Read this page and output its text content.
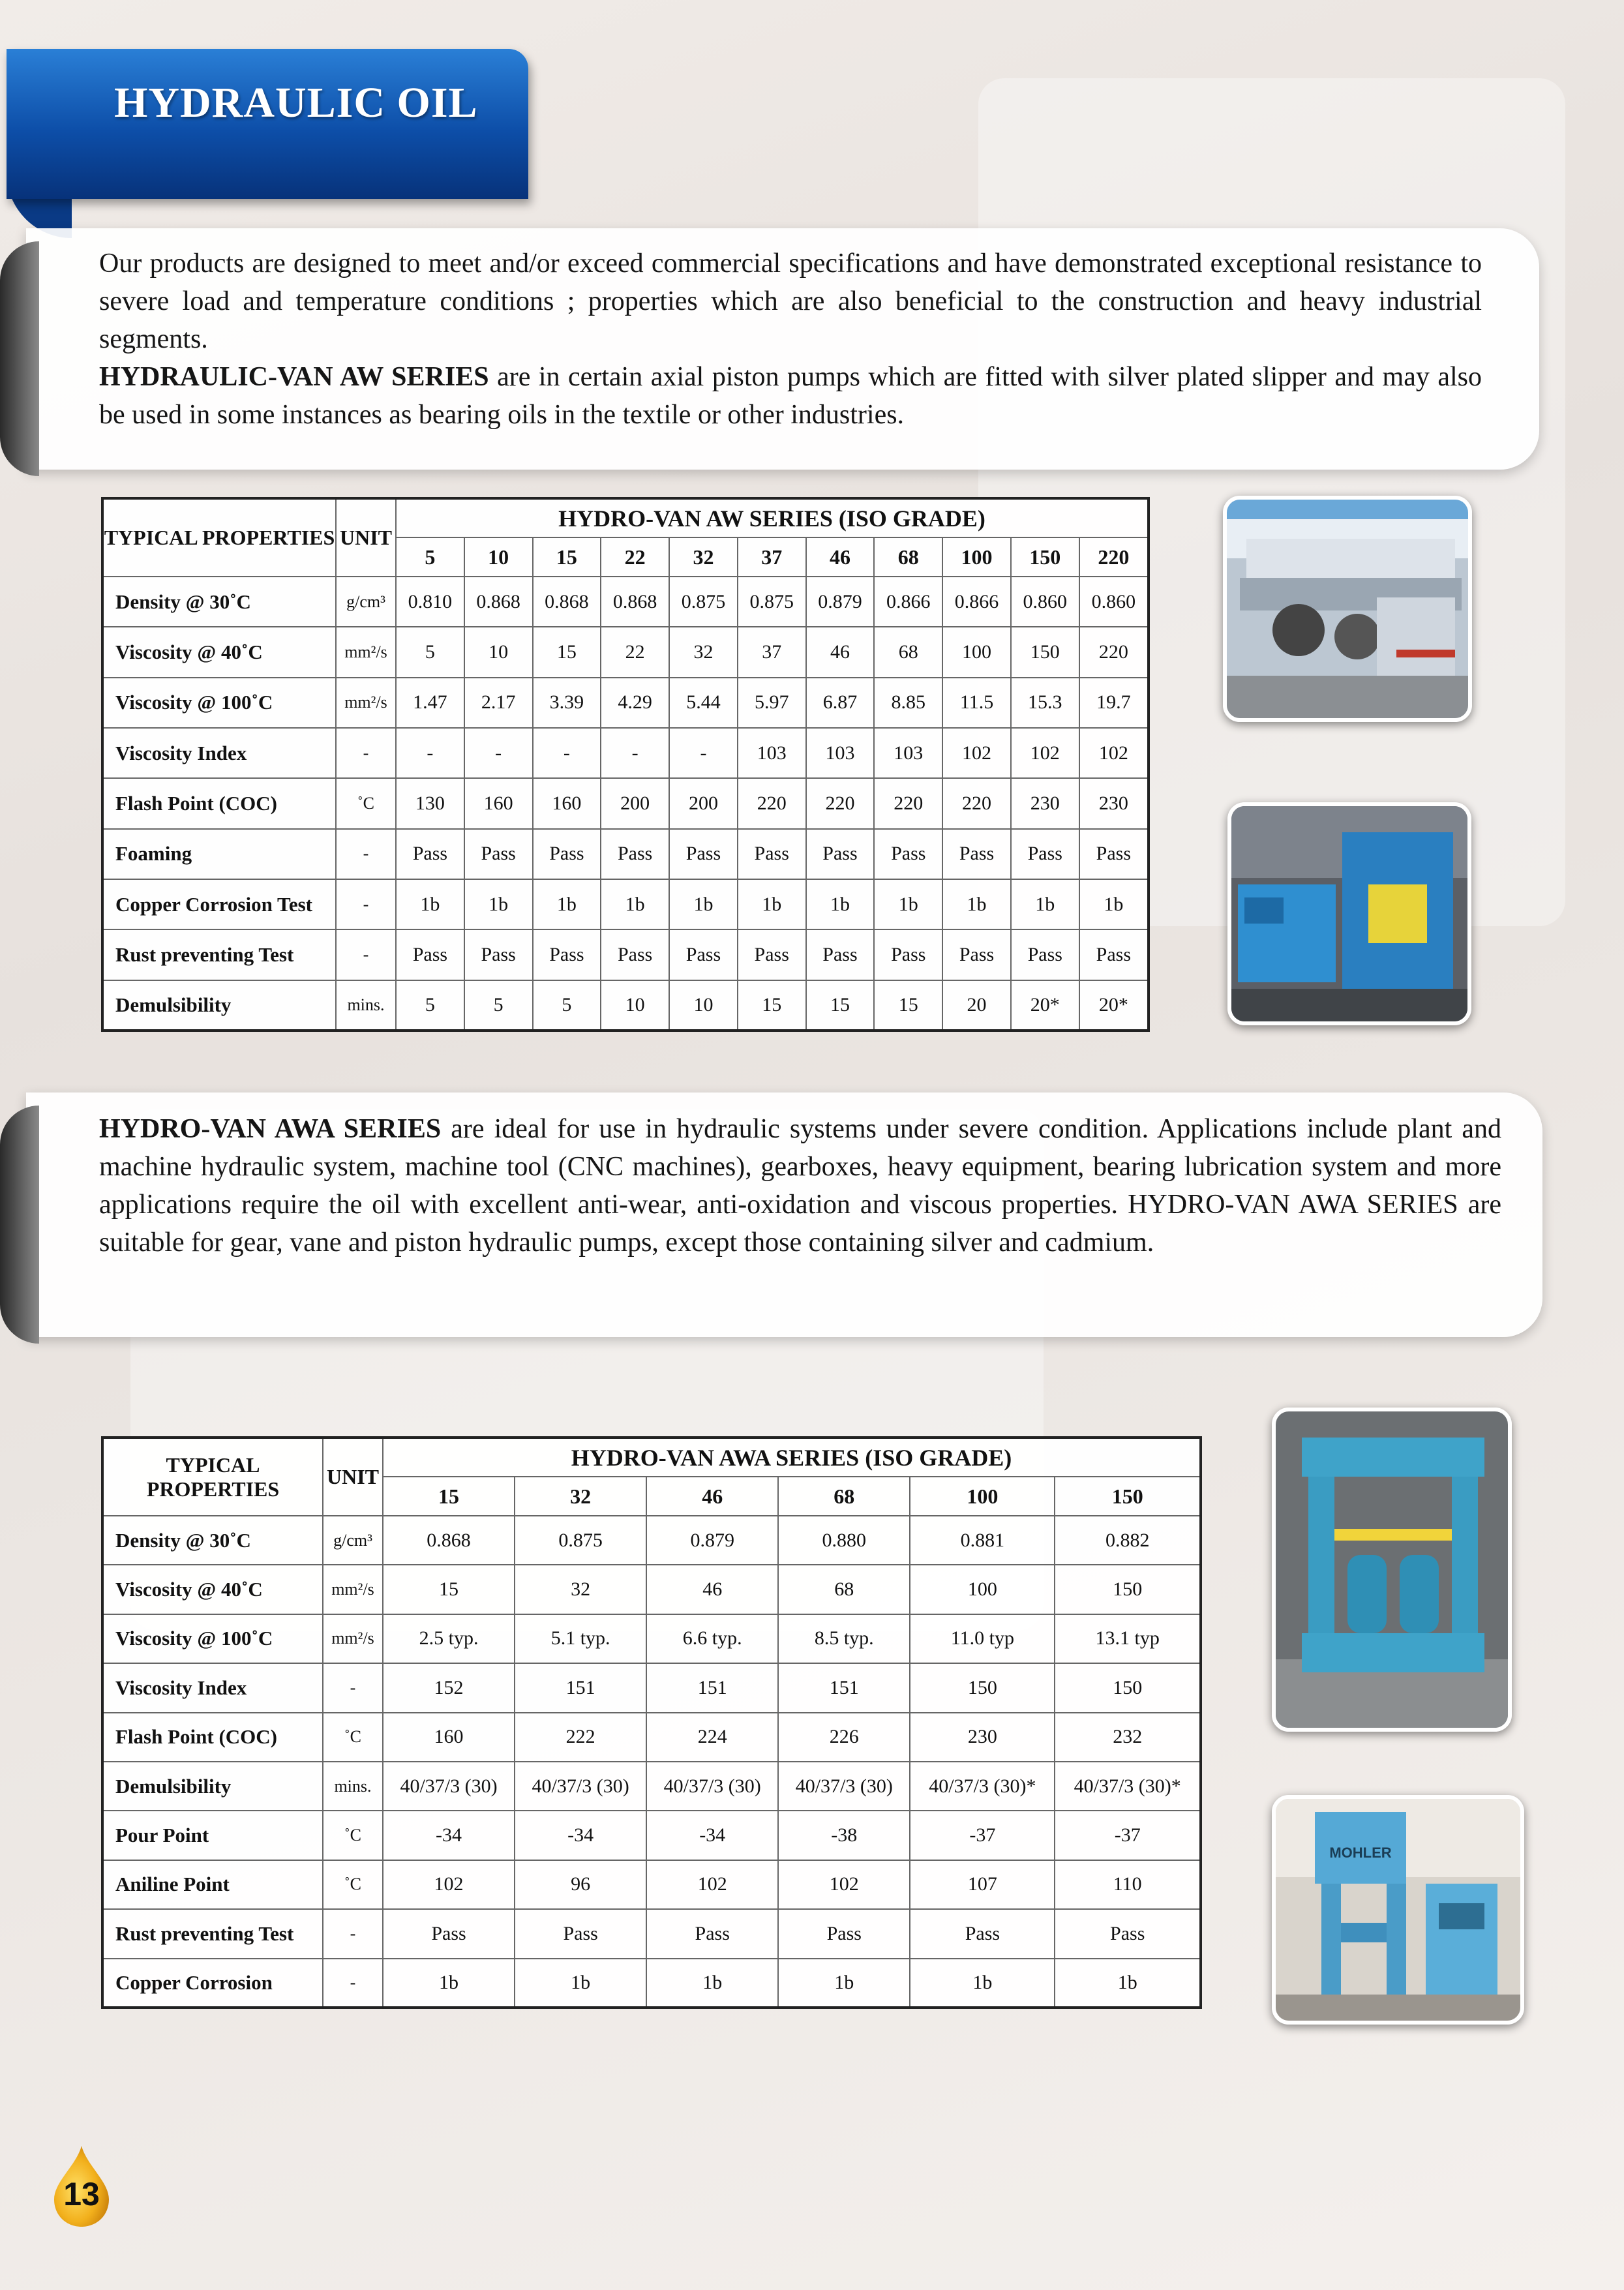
HYDRAULIC OIL
Our products are designed to meet and/or exceed commercial specifications and have demonstrated exceptional resistance to severe load and temperature conditions ; properties which are also beneficial to the construction and heavy industrial segments.
HYDRAULIC-VAN AW SERIES are in certain axial piston pumps which are fitted with silver plated slipper and may also be used in some instances as bearing oils in the textile or other industries.
TYPICAL PROPERTIES	UNIT	HYDRO-VAN AW SERIES (ISO GRADE)										
		5	10	15	22	32	37	46	68	100	150	220
Density @ 30˚C	g/cm³	0.810	0.868	0.868	0.868	0.875	0.875	0.879	0.866	0.866	0.860	0.860
Viscosity @ 40˚C	mm²/s	5	10	15	22	32	37	46	68	100	150	220
Viscosity @ 100˚C	mm²/s	1.47	2.17	3.39	4.29	5.44	5.97	6.87	8.85	11.5	15.3	19.7
Viscosity Index	-	-	-	-	-	-	103	103	103	102	102	102
Flash Point (COC)	˚C	130	160	160	200	200	220	220	220	220	230	230
Foaming	-	Pass	Pass	Pass	Pass	Pass	Pass	Pass	Pass	Pass	Pass	Pass
Copper Corrosion Test	-	1b	1b	1b	1b	1b	1b	1b	1b	1b	1b	1b
Rust preventing Test	-	Pass	Pass	Pass	Pass	Pass	Pass	Pass	Pass	Pass	Pass	Pass
Demulsibility	mins.	5	5	5	10	10	15	15	15	20	20*	20*
HYDRO-VAN AWA SERIES are ideal for use in hydraulic systems under severe condition. Applications include plant and machine hydraulic system, machine tool (CNC machines), gearboxes, heavy equipment, bearing lubrication system and more applications require the oil with excellent anti-wear, anti-oxidation and viscous properties. HYDRO-VAN AWA SERIES are suitable for gear, vane and piston hydraulic pumps, except those containing silver and cadmium.
TYPICAL PROPERTIES	UNIT	HYDRO-VAN AWA SERIES (ISO GRADE)					
		15	32	46	68	100	150
Density @ 30˚C	g/cm³	0.868	0.875	0.879	0.880	0.881	0.882
Viscosity @ 40˚C	mm²/s	15	32	46	68	100	150
Viscosity @ 100˚C	mm²/s	2.5 typ.	5.1 typ.	6.6 typ.	8.5 typ.	11.0 typ	13.1 typ
Viscosity Index	-	152	151	151	151	150	150
Flash Point (COC)	˚C	160	222	224	226	230	232
Demulsibility	mins.	40/37/3 (30)	40/37/3 (30)	40/37/3 (30)	40/37/3 (30)	40/37/3 (30)*	40/37/3 (30)*
Pour Point	˚C	-34	-34	-34	-38	-37	-37
Aniline Point	˚C	102	96	102	102	107	110
Rust preventing Test	-	Pass	Pass	Pass	Pass	Pass	Pass
Copper Corrosion	-	1b	1b	1b	1b	1b	1b
MOHLER
13
